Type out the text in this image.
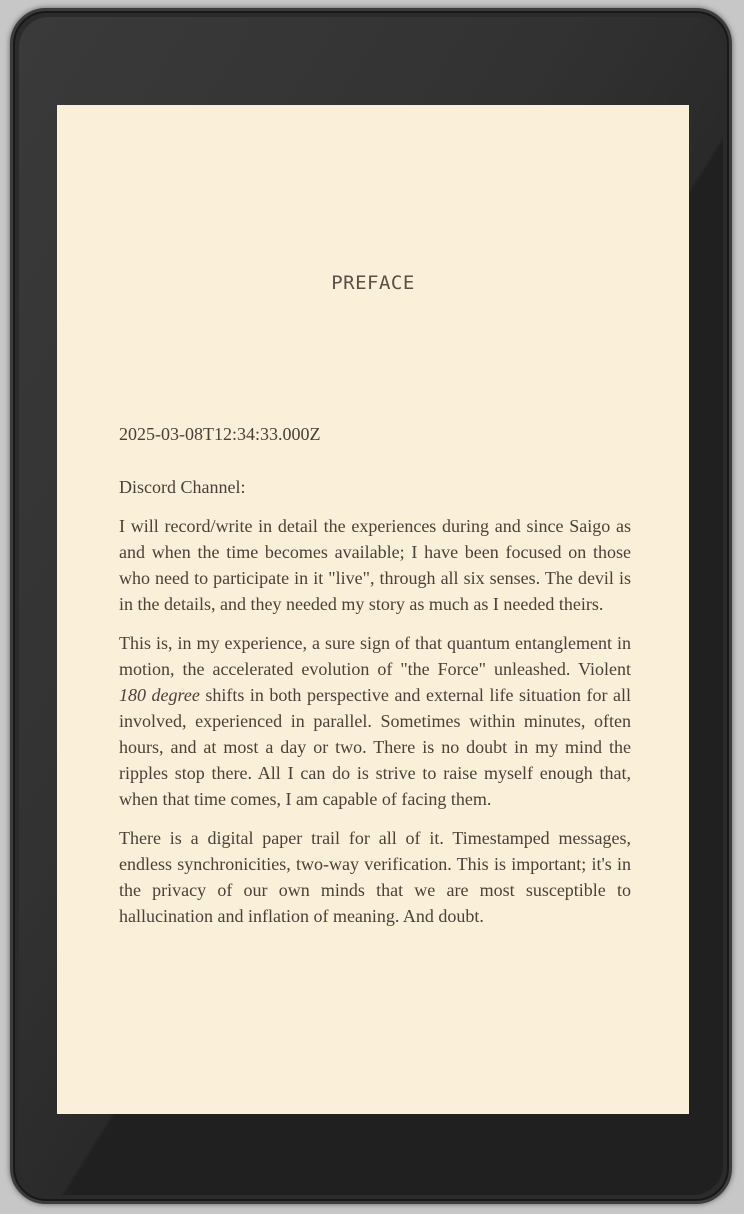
PREFACE

2025-03-08T12:34:33.000Z

Discord Channel:

I will record/write in detail the experiences during and since Saigo as and when the time becomes available; I have been focused on those who need to participate in it "live", through all six senses. The devil is in the details, and they needed my story as much as I needed theirs.

This is, in my experience, a sure sign of that quantum entanglement in motion, the accelerated evolution of "the Force" unleashed. Violent 180 degree shifts in both perspective and external life situation for all involved, experienced in parallel. Sometimes within minutes, often hours, and at most a day or two. There is no doubt in my mind the ripples stop there. All I can do is strive to raise myself enough that, when that time comes, I am capable of facing them.

There is a digital paper trail for all of it. Timestamped messages, endless synchronicities, two-way verification. This is important; it's in the privacy of our own minds that we are most susceptible to hallucination and inflation of meaning. And doubt.
